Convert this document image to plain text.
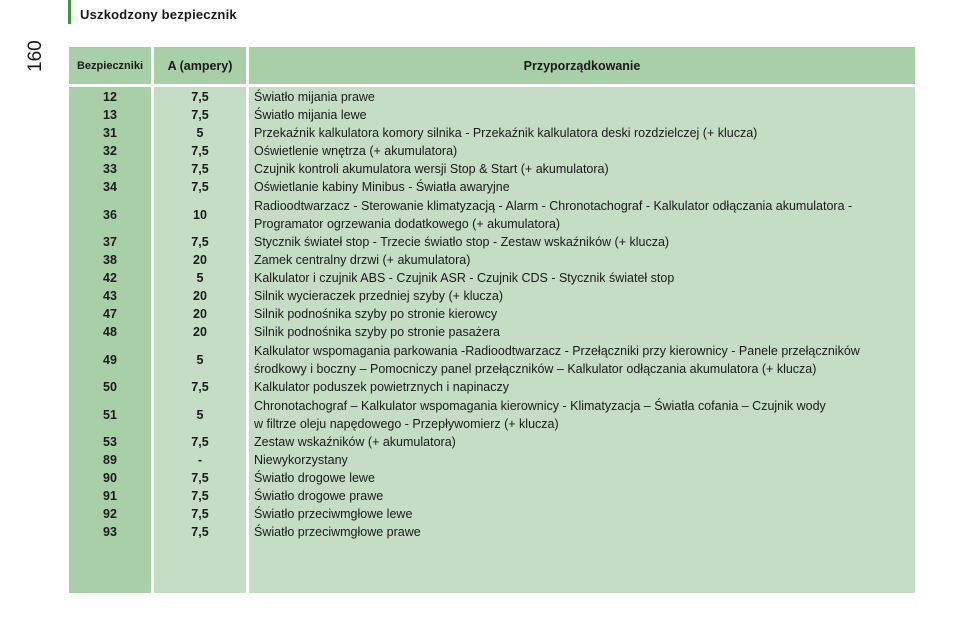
Uszkodzony bezpiecznik
160	Bezpieczniki	A (ampery)	Przyporządkowanie
12	7,5	Światło mijania prawe
13	7,5	Światło mijania lewe
31	5	Przekaźnik kalkulatora komory silnika - Przekaźnik kalkulatora deski rozdzielczej (+ klucza)
32	7,5	Oświetlenie wnętrza (+ akumulatora)
33	7,5	Czujnik kontroli akumulatora wersji Stop & Start (+ akumulatora)
34	7,5	Oświetlanie kabiny Minibus - Światła awaryjne
36	10
Radioodtwarzacz - Sterowanie klimatyzacją - Alarm - Chronotachograf - Kalkulator odłączania akumulatora -
Programator ogrzewania dodatkowego (+ akumulatora)
37	7,5	Stycznik świateł stop - Trzecie światło stop - Zestaw wskaźników (+ klucza)
38	20	Zamek centralny drzwi (+ akumulatora)
42	5	Kalkulator i czujnik ABS - Czujnik ASR - Czujnik CDS - Stycznik świateł stop
43	20	Silnik wycieraczek przedniej szyby (+ klucza)
47	20	Silnik podnośnika szyby po stronie kierowcy
48	20	Silnik podnośnika szyby po stronie pasażera
49	5
Kalkulator wspomagania parkowania -Radioodtwarzacz - Przełączniki przy kierownicy - Panele przełączników
środkowy i boczny – Pomocniczy panel przełączników – Kalkulator odłączania akumulatora (+ klucza)
50	7,5	Kalkulator poduszek powietrznych i napinaczy
51	5
Chronotachograf – Kalkulator wspomagania kierownicy - Klimatyzacja – Światła cofania – Czujnik wody
w filtrze oleju napędowego - Przepływomierz (+ klucza)
53	7,5	Zestaw wskaźników (+ akumulatora)
89	-	Niewykorzystany
90	7,5	Światło drogowe lewe
91	7,5	Światło drogowe prawe
92	7,5	Światło przeciwmgłowe lewe
93	7,5	Światło przeciwmgłowe prawe
